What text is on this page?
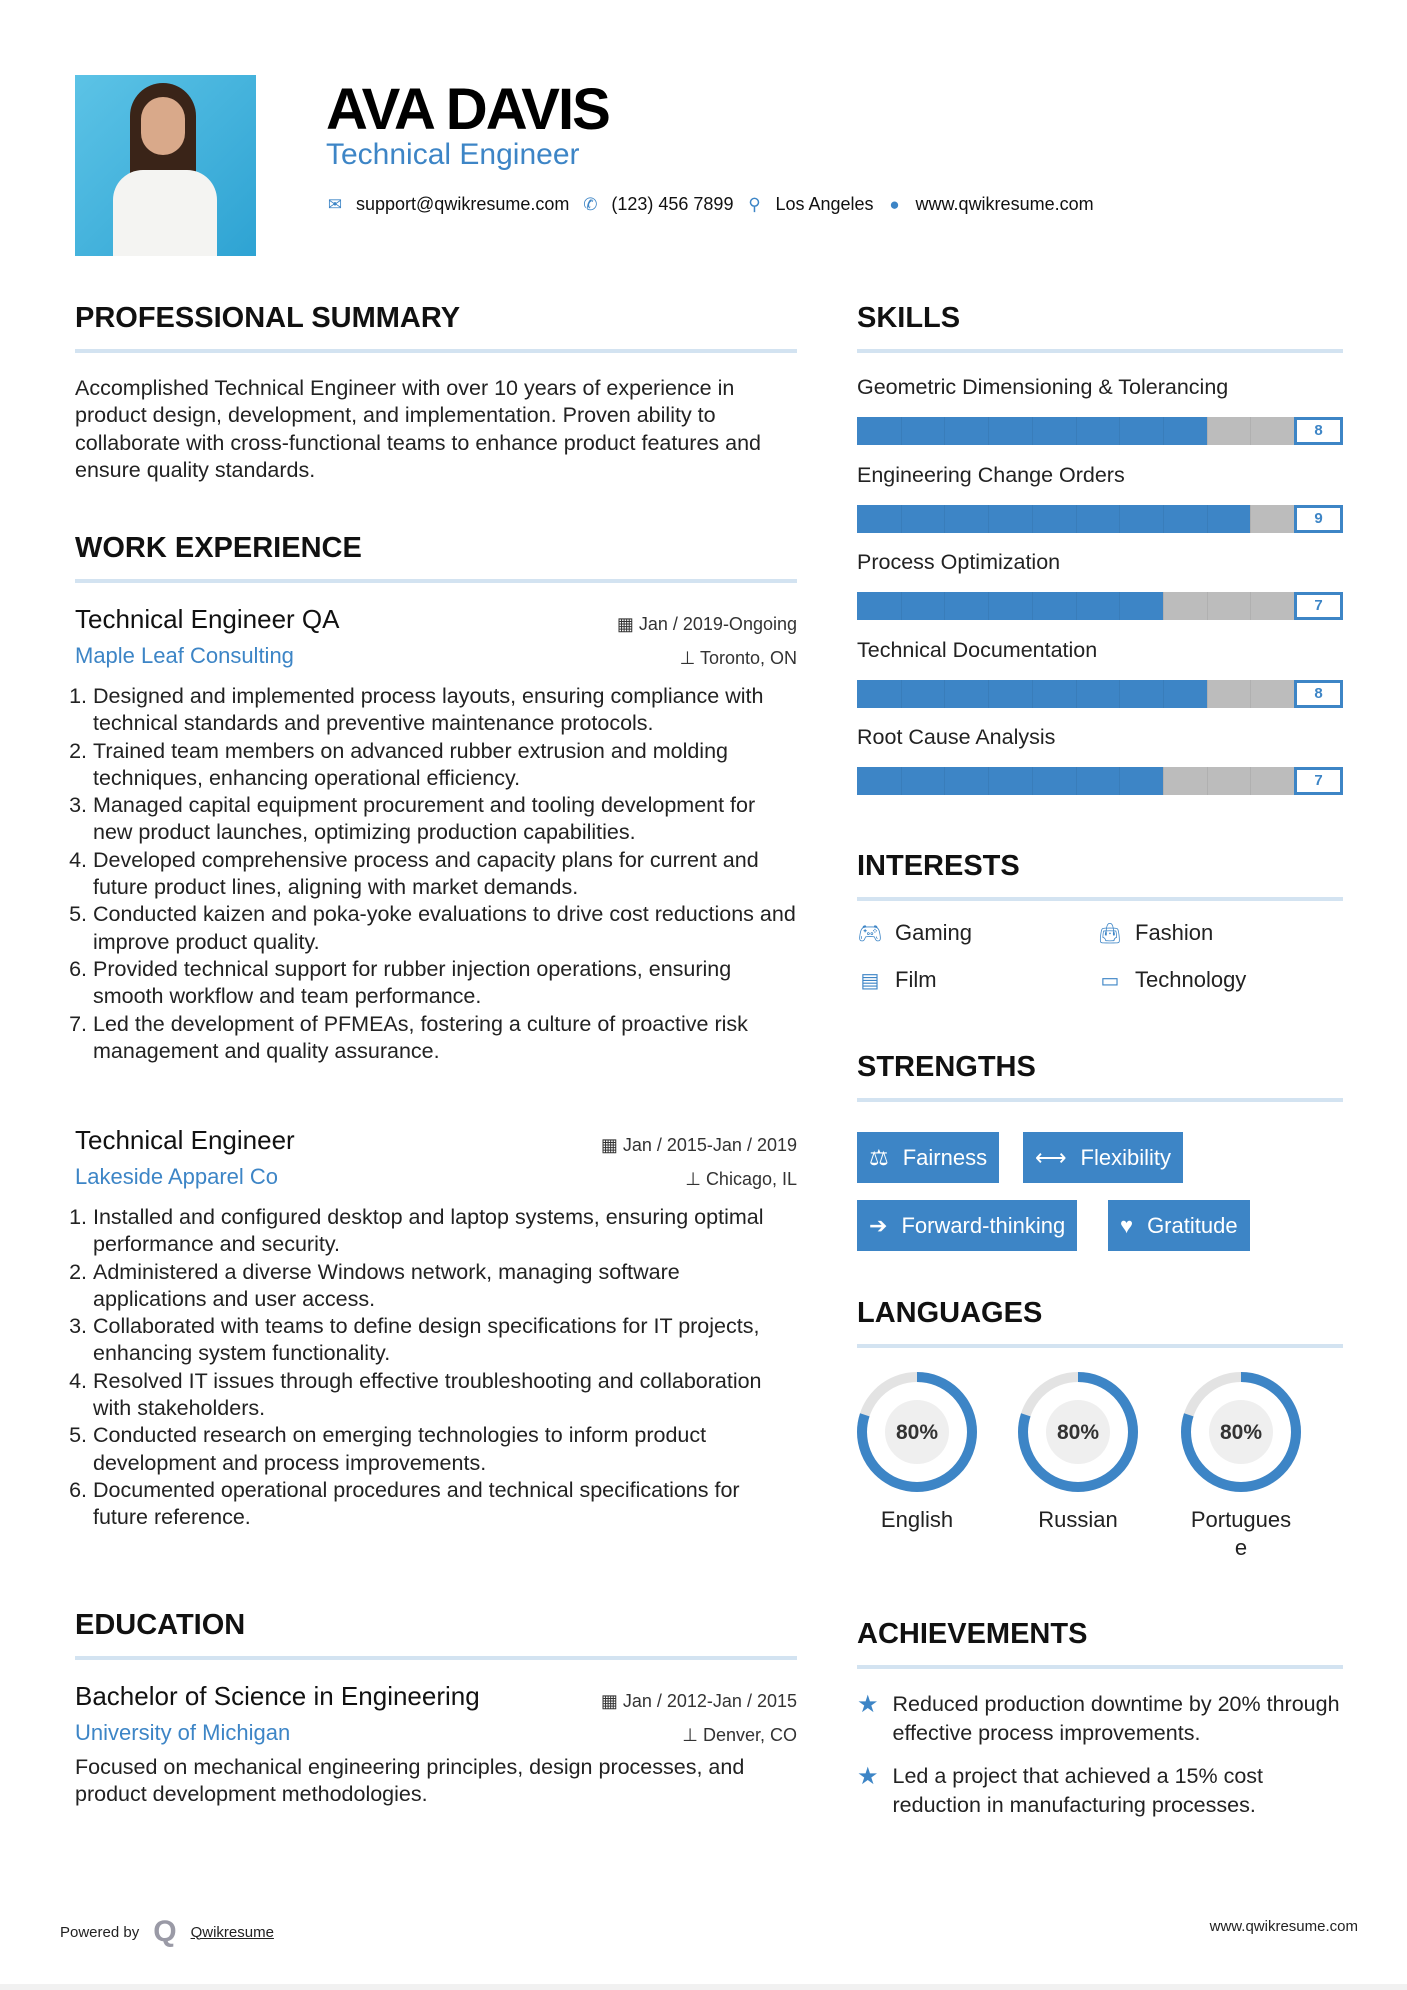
AVA DAVIS
Technical Engineer
✉ support@qwikresume.com ✆ (123) 456 7899 ⚲ Los Angeles ● www.qwikresume.com
PROFESSIONAL SUMMARY

Accomplished Technical Engineer with over 10 years of experience in product design, development, and implementation. Proven ability to collaborate with cross-functional teams to enhance product features and ensure quality standards.

WORK EXPERIENCE
Technical Engineer QA	▦ Jan / 2019-Ongoing
Maple Leaf Consulting	⊥ Toronto, ON
1. Designed and implemented process layouts, ensuring compliance with technical standards and preventive maintenance protocols.
2. Trained team members on advanced rubber extrusion and molding techniques, enhancing operational efficiency.
3. Managed capital equipment procurement and tooling development for new product launches, optimizing production capabilities.
4. Developed comprehensive process and capacity plans for current and future product lines, aligning with market demands.
5. Conducted kaizen and poka-yoke evaluations to drive cost reductions and improve product quality.
6. Provided technical support for rubber injection operations, ensuring smooth workflow and team performance.
7. Led the development of PFMEAs, fostering a culture of proactive risk management and quality assurance.
Technical Engineer	▦ Jan / 2015-Jan / 2019
Lakeside Apparel Co	⊥ Chicago, IL
1. Installed and configured desktop and laptop systems, ensuring optimal performance and security.
2. Administered a diverse Windows network, managing software applications and user access.
3. Collaborated with teams to define design specifications for IT projects, enhancing system functionality.
4. Resolved IT issues through effective troubleshooting and collaboration with stakeholders.
5. Conducted research on emerging technologies to inform product development and process improvements.
6. Documented operational procedures and technical specifications for future reference.
EDUCATION
Bachelor of Science in Engineering	▦ Jan / 2012-Jan / 2015
University of Michigan	⊥ Denver, CO

Focused on mechanical engineering principles, design processes, and product development methodologies.

SKILLS
Geometric Dimensioning & Tolerancing
8
Engineering Change Orders
9
Process Optimization
7
Technical Documentation
8
Root Cause Analysis
7
INTERESTS
🎮︎ Gaming	👜︎ Fashion
▤ Film	▭ Technology
STRENGTHS
⚖ Fairness ⟷ Flexibility
➔ Forward-thinking ♥ Gratitude
LANGUAGES
80%
English
80%
Russian
80%
Portuguese
ACHIEVEMENTS
★ Reduced production downtime by 20% through effective process improvements.
★ Led a project that achieved a 15% cost reduction in manufacturing processes.
Powered by Q Qwikresume	www.qwikresume.com
